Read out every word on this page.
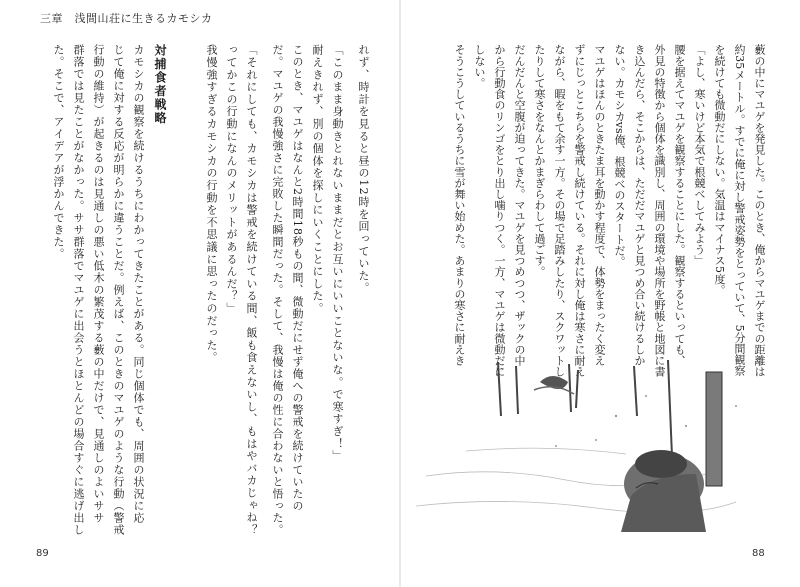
三章　浅間山荘に生きるカモシカ

藪の中にマユゲを発見した。このとき、俺からマユゲまでの距離は

約35メートル。すでに俺に対し警戒姿勢をとっていて、5分間観察

を続けても微動だにしない。気温はマイナス5度。

「よし、寒いけど本気で根競べしてみよう」

腰を据えてマユゲを観察することにした。観察するといっても、

外見の特徴から個体を識別し、周囲の環境や場所を野帳と地図に書

き込んだら、そこからは、ただだマユゲと見つめ合い続けるしか

ない。カモシカvs俺、根競べのスタートだ。

マユゲはほんのときたま耳を動かす程度で、体勢をまったく変え

ずにじっとこちらを警戒し続けている。それに対し俺は寒さに耐え

ながら、暇をもて余す一方。その場で足踏みしたり、スクワットし

たりして寒さをなんとかまぎらわして過ごす。

だんだんと空腹が迫ってきた。マユゲを見つめつつ、ザックの中

から行動食のリンゴをとり出し噛りつく。一方、マユゲは微動だに

しない。

そうこうしているうちに雪が舞い始めた。あまりの寒さに耐えき

れず、時計を見ると昼の12時を回っていた。

「このまま身動きとれないままだとお互いにいいことないな。で寒すぎ！」

耐えきれず、別の個体を探しにいくことにした。

このとき、マユゲはなんと2時間18秒もの間、微動だにせず俺への警戒を続けていたの

だ。マユゲの我慢強さに完敗した瞬間だった。そして、我慢は俺の性に合わないと悟った。

「それにしても、カモシカは警戒を続けている間、飯も食えないし、もはやバカじゃね？

ってかこの行動になんのメリットがあるんだ？」

我慢強すぎるカモシカの行動を不思議に思ったのだった。

対捕食者戦略

カモシカの観察を続けるうちにわかってきたことがある。同じ個体でも、周囲の状況に応

じて俺に対する反応が明らかに違うことだ。例えば、このときのマユゲのような行動（警戒

行動の維持）が起きるのは見通しの悪い低木の繁茂する藪の中だけで、見通しのよいササ

群落では見たことがなかった。ササ群落でマユゲに出会うとほとんどの場合すぐに逃げ出し

た。そこで、アイデアが浮かんできた。

89	88
